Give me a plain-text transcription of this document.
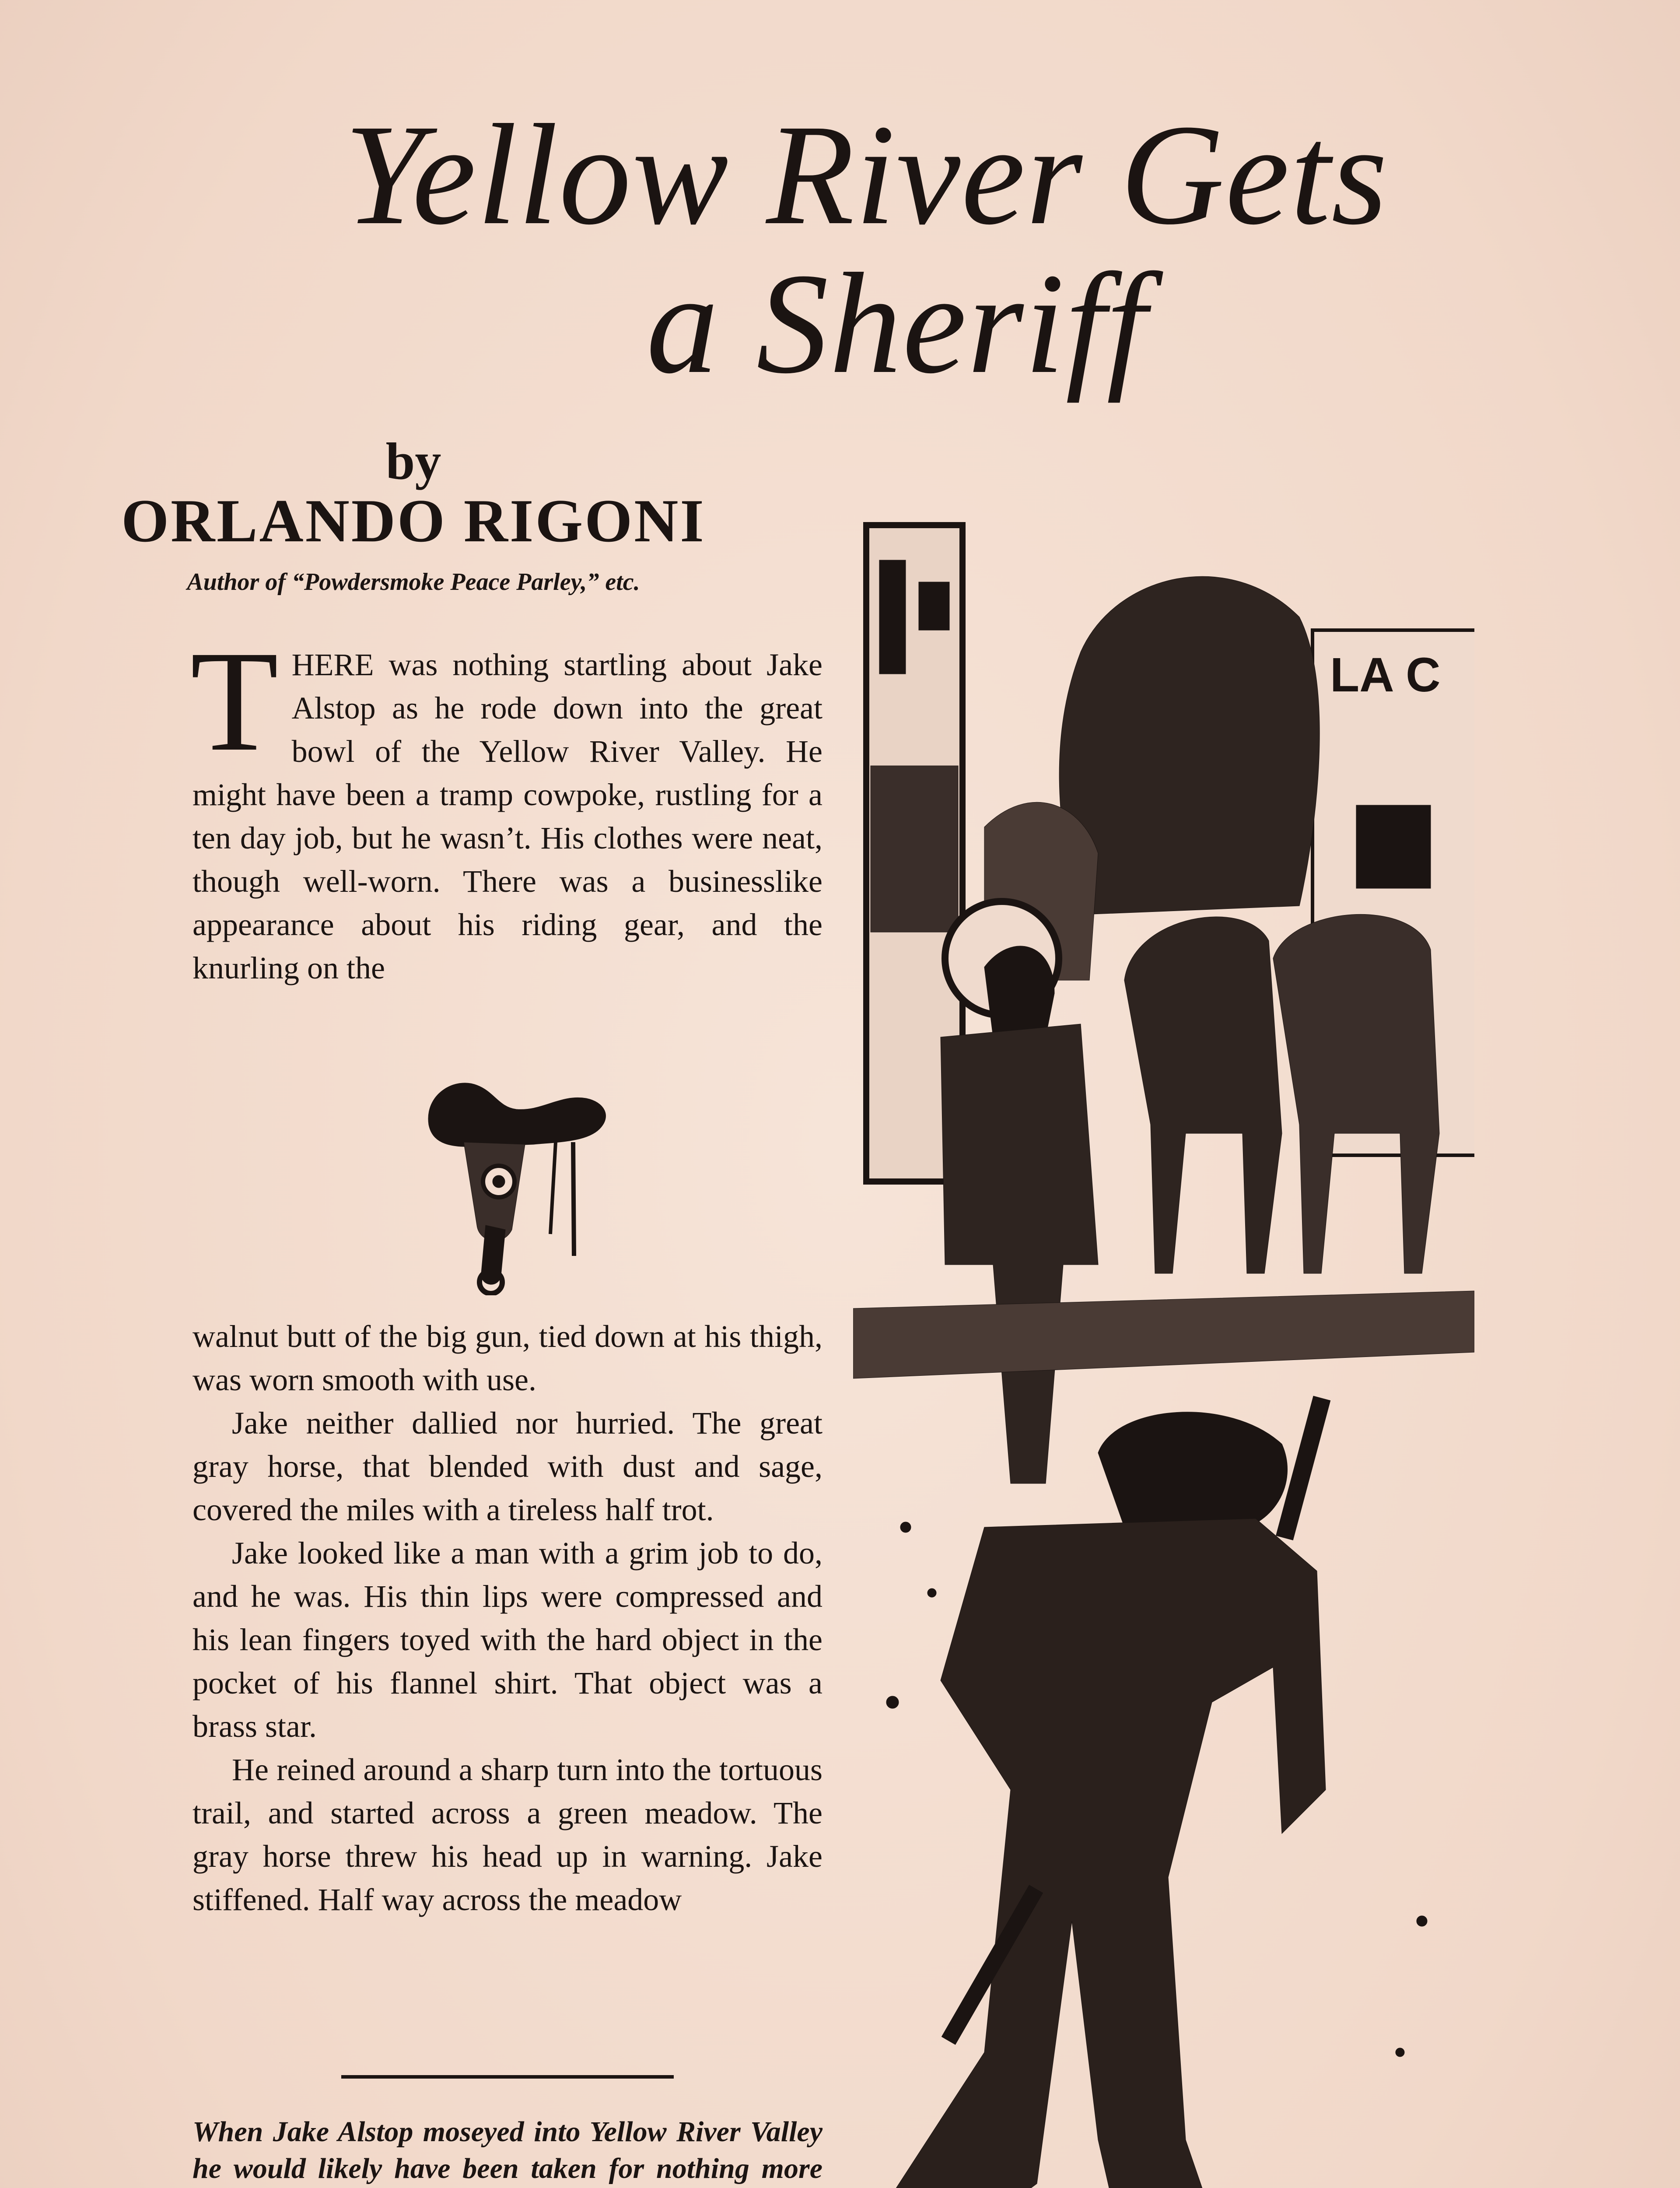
Yellow River Gets
a Sheriff
by
ORLANDO RIGONI
Author of “Powdersmoke Peace Parley,” etc.
T HERE was nothing startling about Jake Alstop as he rode down into the great bowl of the Yellow River Valley. He might have been a tramp cowpoke, rustling for a ten day job, but he wasn’t. His clothes were neat, though well-worn. There was a businesslike appearance about his riding gear, and the knurling on the

walnut butt of the big gun, tied down at his thigh, was worn smooth with use.

Jake neither dallied nor hurried. The great gray horse, that blended with dust and sage, covered the miles with a tireless half trot.

Jake looked like a man with a grim job to do, and he was. His thin lips were compressed and his lean fingers toyed with the hard object in the pocket of his flannel shirt. That object was a brass star.

He reined around a sharp turn into the tortuous trail, and started across a green meadow. The gray horse threw his head up in warning. Jake stiffened. Half way across the meadow

When Jake Alstop moseyed into Yellow River Valley he would likely have been taken for nothing more
LA C
